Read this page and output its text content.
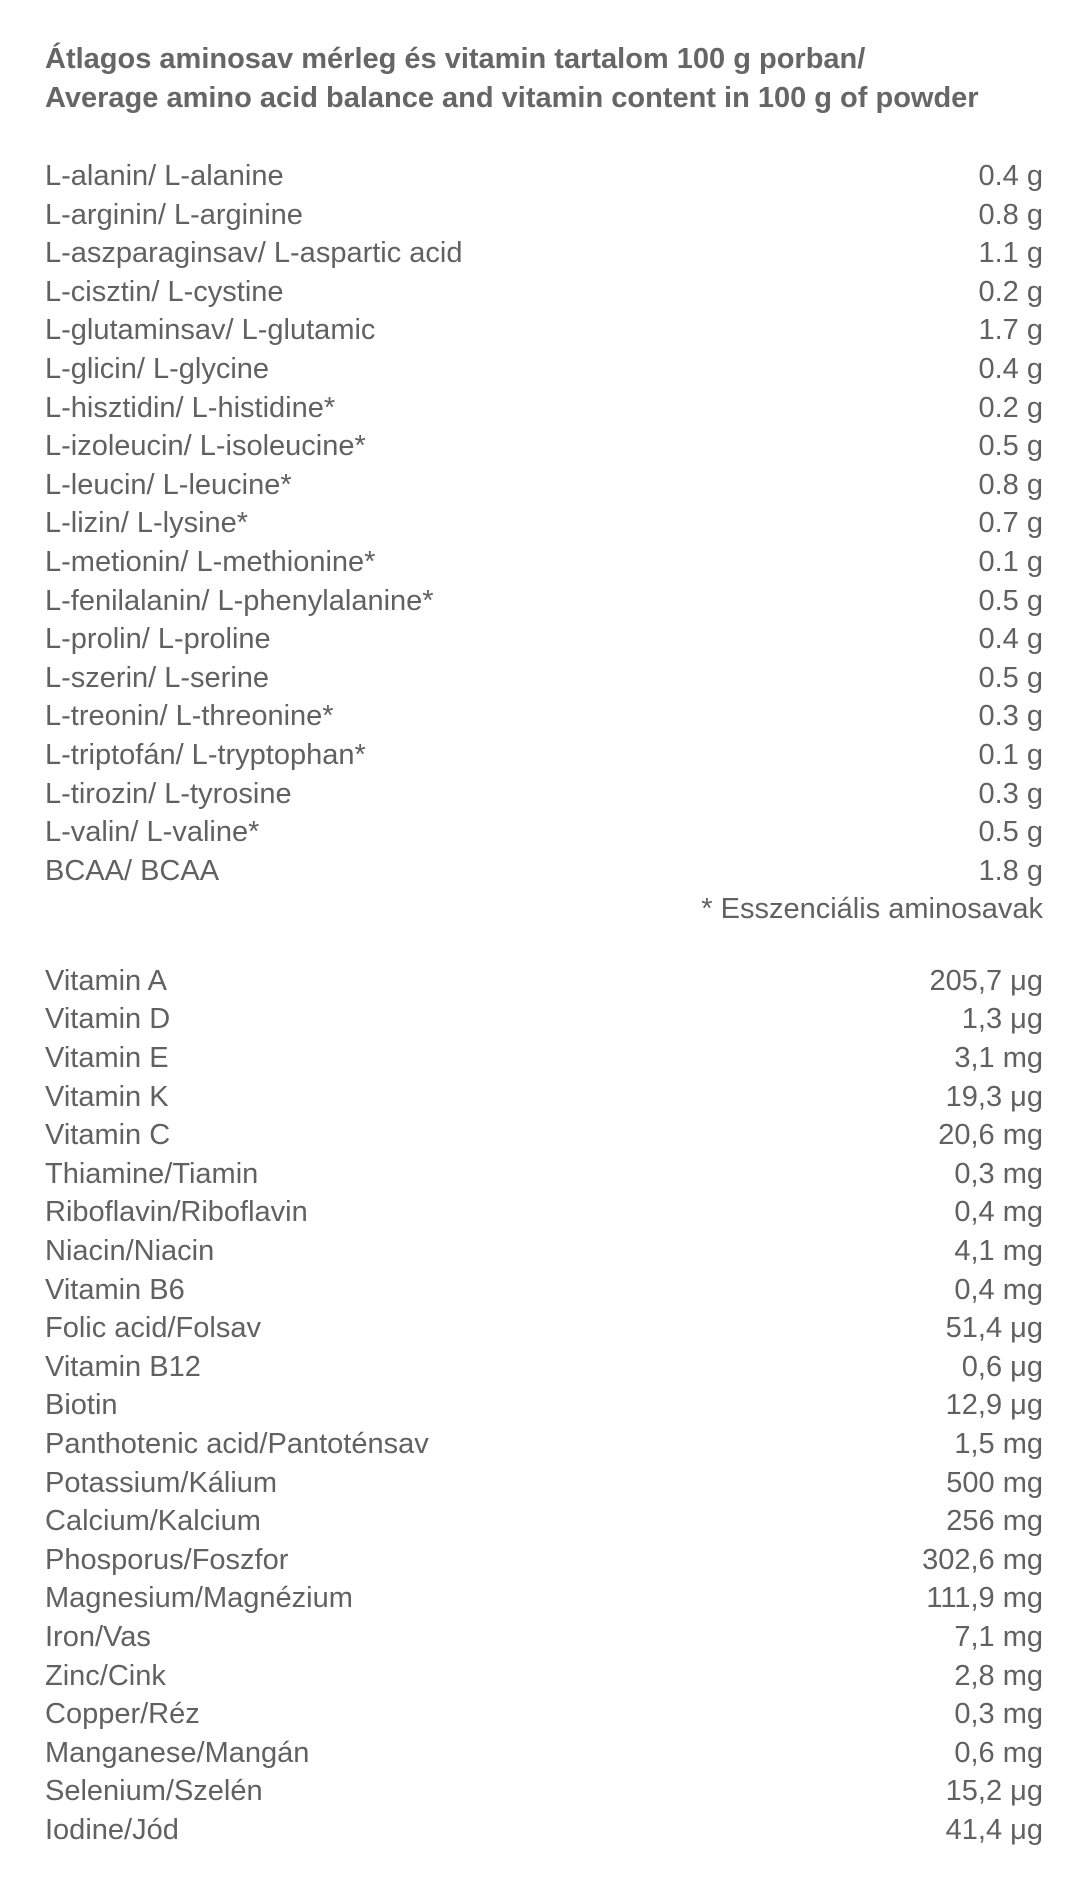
Átlagos aminosav mérleg és vitamin tartalom 100 g porban/
Average amino acid balance and vitamin content in 100 g of powder
L-alanin/ L-alanine	0.4 g
L-arginin/ L-arginine	0.8 g
L-aszparaginsav/ L-aspartic acid	1.1 g
L-cisztin/ L-cystine	0.2 g
L-glutaminsav/ L-glutamic	1.7 g
L-glicin/ L-glycine	0.4 g
L-hisztidin/ L-histidine*	0.2 g
L-izoleucin/ L-isoleucine*	0.5 g
L-leucin/ L-leucine*	0.8 g
L-lizin/ L-lysine*	0.7 g
L-metionin/ L-methionine*	0.1 g
L-fenilalanin/ L-phenylalanine*	0.5 g
L-prolin/ L-proline	0.4 g
L-szerin/ L-serine	0.5 g
L-treonin/ L-threonine*	0.3 g
L-triptofán/ L-tryptophan*	0.1 g
L-tirozin/ L-tyrosine	0.3 g
L-valin/ L-valine*	0.5 g
BCAA/ BCAA	1.8 g
* Esszenciális aminosavak
Vitamin A	205,7 μg
Vitamin D	1,3 μg
Vitamin E	3,1 mg
Vitamin K	19,3 μg
Vitamin C	20,6 mg
Thiamine/Tiamin	0,3 mg
Riboflavin/Riboflavin	0,4 mg
Niacin/Niacin	4,1 mg
Vitamin B6	0,4 mg
Folic acid/Folsav	51,4 μg
Vitamin B12	0,6 μg
Biotin	12,9 μg
Panthotenic acid/Pantoténsav	1,5 mg
Potassium/Kálium	500 mg
Calcium/Kalcium	256 mg
Phosporus/Foszfor	302,6 mg
Magnesium/Magnézium	111,9 mg
Iron/Vas	7,1 mg
Zinc/Cink	2,8 mg
Copper/Réz	0,3 mg
Manganese/Mangán	0,6 mg
Selenium/Szelén	15,2 μg
Iodine/Jód	41,4 μg
